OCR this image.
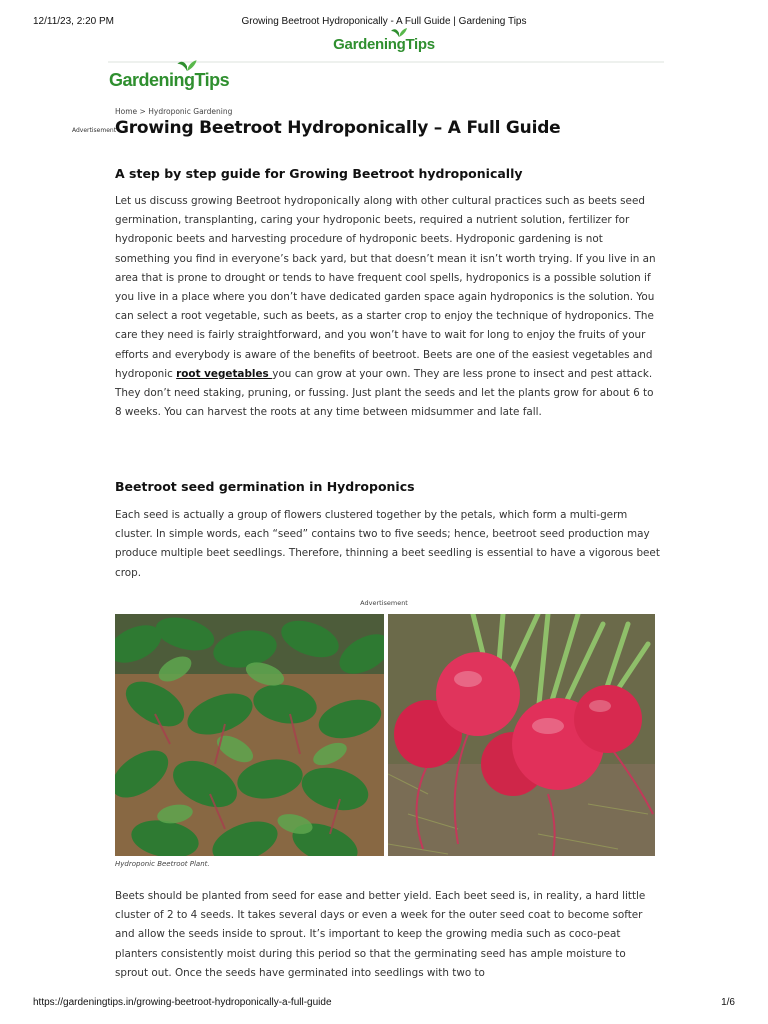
12/11/23, 2:20 PM	Growing Beetroot Hydroponically - A Full Guide | Gardening Tips
Gardening Tips
Gardening
Tips
Home > Hydroponic Gardening
Advertisement
Growing Beetroot Hydroponically – A Full Guide
A step by step guide for Growing Beetroot hydroponically

Let us discuss growing Beetroot hydroponically along with other cultural practices such as beets seed germination, transplanting, caring your hydroponic beets, required a nutrient solution, fertilizer for hydroponic beets and harvesting procedure of hydroponic beets. Hydroponic gardening is not something you find in everyone’s back yard, but that doesn’t mean it isn’t worth trying. If you live in an area that is prone to drought or tends to have frequent cool spells, hydroponics is a possible solution if you live in a place where you don’t have dedicated garden space again hydroponics is the solution. You can select a root vegetable, such as beets, as a starter crop to enjoy the technique of hydroponics. The care they need is fairly straightforward, and you won’t have to wait for long to enjoy the fruits of your efforts and everybody is aware of the benefits of beetroot. Beets are one of the easiest vegetables and hydroponic root vegetables you can grow at your own. They are less prone to insect and pest attack. They don’t need staking, pruning, or fussing. Just plant the seeds and let the plants grow for about 6 to 8 weeks. You can harvest the roots at any time between midsummer and late fall.

Beetroot seed germination in Hydroponics

Each seed is actually a group of flowers clustered together by the petals, which form a multi-germ cluster. In simple words, each “seed” contains two to five seeds; hence, beetroot seed production may produce multiple beet seedlings. Therefore, thinning a beet seedling is essential to have a vigorous beet crop.

Advertisement
Hydroponic Beetroot Plant.

Beets should be planted from seed for ease and better yield. Each beet seed is, in reality, a hard little cluster of 2 to 4 seeds. It takes several days or even a week for the outer seed coat to become softer and allow the seeds inside to sprout. It’s important to keep the growing media such as coco-peat planters consistently moist during this period so that the germinating seed has ample moisture to sprout out. Once the seeds have germinated into seedlings with two to

https://gardeningtips.in/growing-beetroot-hydroponically-a-full-guide	1/6
